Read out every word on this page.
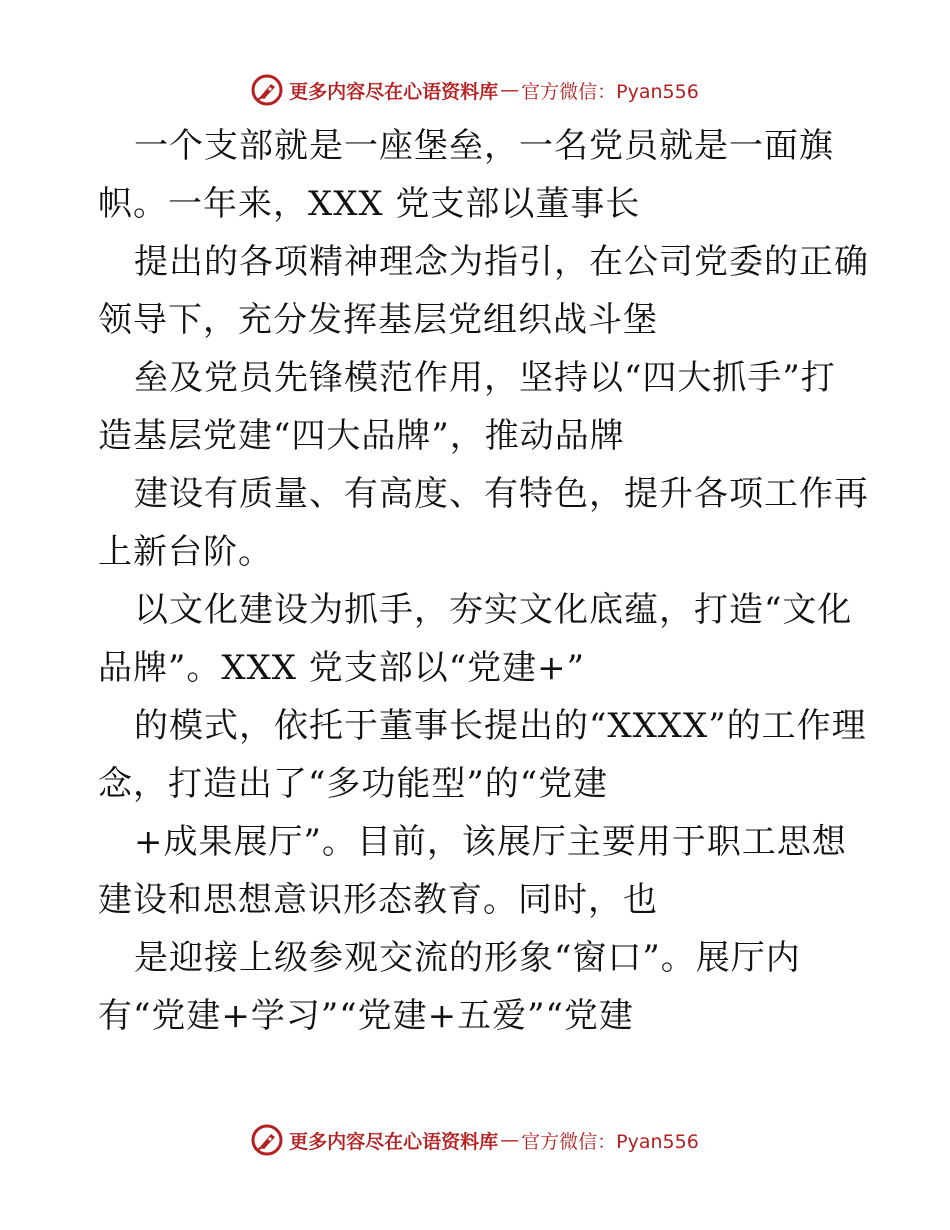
更多内容尽在心语资料库 — 官方微信：Pyan556
一个支部就是一座堡垒，一名党员就是一面旗
帜。一年来，XXX 党支部以董事长
提出的各项精神理念为指引，在公司党委的正确
领导下，充分发挥基层党组织战斗堡
垒及党员先锋模范作用，坚持以“四大抓手”打
造基层党建“四大品牌”，推动品牌
建设有质量、有高度、有特色，提升各项工作再
上新台阶。
以文化建设为抓手，夯实文化底蕴，打造“文化
品牌”。XXX 党支部以“党建+”
的模式，依托于董事长提出的“XXXX”的工作理
念，打造出了“多功能型”的“党建
+成果展厅”。目前，该展厅主要用于职工思想
建设和思想意识形态教育。同时，也
是迎接上级参观交流的形象“窗口”。展厅内
有“党建+学习”“党建+五爱”“党建
更多内容尽在心语资料库 — 官方微信：Pyan556
